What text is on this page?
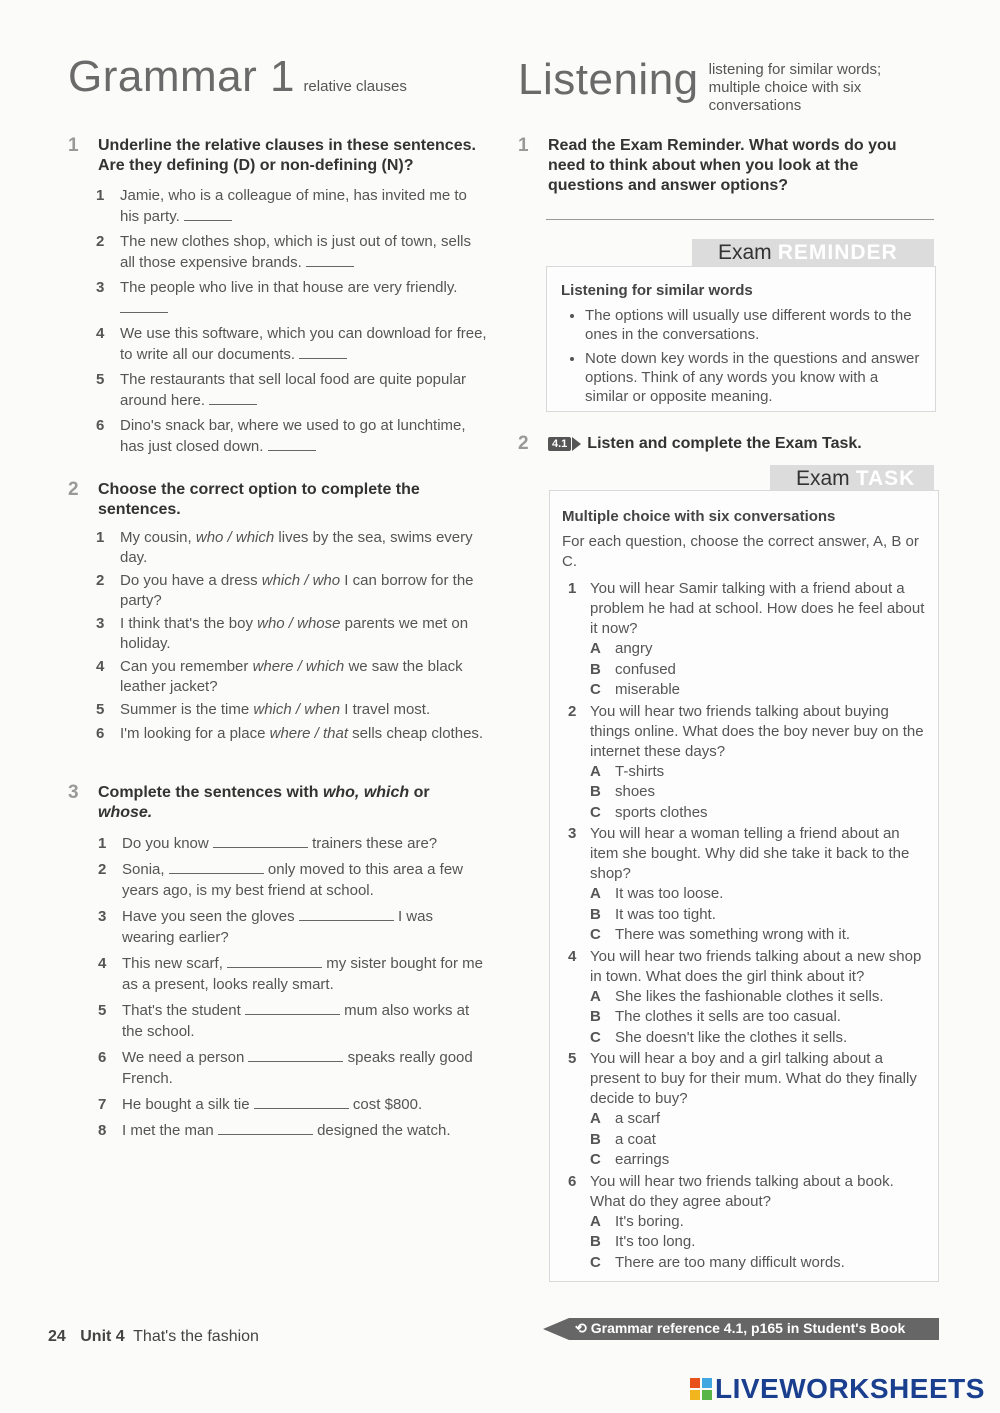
Grammar 1 relative clauses
1	Underline the relative clauses in these sentences. Are they defining (D) or non-defining (N)?
1	Jamie, who is a colleague of mine, has invited me to his party.
2	The new clothes shop, which is just out of town, sells all those expensive brands.
3	The people who live in that house are very friendly.
4	We use this software, which you can download for free, to write all our documents.
5	The restaurants that sell local food are quite popular around here.
6	Dino's snack bar, where we used to go at lunchtime, has just closed down.
2	Choose the correct option to complete the sentences.
1	My cousin, who / which lives by the sea, swims every day.
2	Do you have a dress which / who I can borrow for the party?
3	I think that's the boy who / whose parents we met on holiday.
4	Can you remember where / which we saw the black leather jacket?
5	Summer is the time which / when I travel most.
6	I'm looking for a place where / that sells cheap clothes.
3	Complete the sentences with who, which or whose.
1	Do you know	trainers these are?
2	Sonia,	only moved to this area a few years ago, is my best friend at school.
3	Have you seen the gloves	I was wearing earlier?
4	This new scarf,	my sister bought for me as a present, looks really smart.
5	That's the student	mum also works at the school.
6	We need a person	speaks really good French.
7	He bought a silk tie	cost $800.
8	I met the man	designed the watch.
Listening listening for similar words; multiple choice with six conversations
1	Read the Exam Reminder. What words do you need to think about when you look at the questions and answer options?
Exam REMINDER
Listening for similar words
• The options will usually use different words to the ones in the conversations.
• Note down key words in the questions and answer options. Think of any words you know with a similar or opposite meaning.
2	4.1 Listen and complete the Exam Task.
Exam TASK
Multiple choice with six conversations
For each question, choose the correct answer, A, B or C.
1 You will hear Samir talking with a friend about a problem he had at school. How does he feel about it now?
A angry
B confused
C miserable
2 You will hear two friends talking about buying things online. What does the boy never buy on the internet these days?
A T-shirts
B shoes
C sports clothes
3 You will hear a woman telling a friend about an item she bought. Why did she take it back to the shop?
A It was too loose.
B It was too tight.
C There was something wrong with it.
4 You will hear two friends talking about a new shop in town. What does the girl think about it?
A She likes the fashionable clothes it sells.
B The clothes it sells are too casual.
C She doesn't like the clothes it sells.
5 You will hear a boy and a girl talking about a present to buy for their mum. What do they finally decide to buy?
A a scarf
B a coat
C earrings
6 You will hear two friends talking about a book. What do they agree about?
A It's boring.
B It's too long.
C There are too many difficult words.
24 Unit 4 That's the fashion	⟲ Grammar reference 4.1, p165 in Student's Book
LIVEWORKSHEETS
